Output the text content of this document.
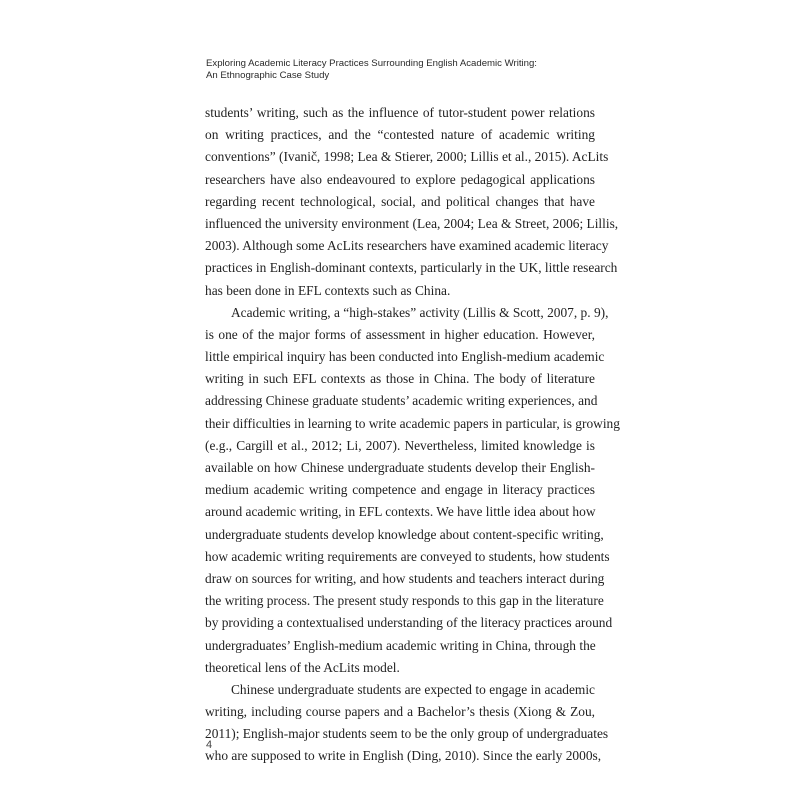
Exploring Academic Literacy Practices Surrounding English Academic Writing:
An Ethnographic Case Study
students’ writing, such as the influence of tutor-student power relations
on writing practices, and the “contested nature of academic writing
conventions” (Ivanič, 1998; Lea & Stierer, 2000; Lillis et al., 2015). AcLits
researchers have also endeavoured to explore pedagogical applications
regarding recent technological, social, and political changes that have
influenced the university environment (Lea, 2004; Lea & Street, 2006; Lillis,
2003). Although some AcLits researchers have examined academic literacy
practices in English-dominant contexts, particularly in the UK, little research
has been done in EFL contexts such as China.
Academic writing, a “high-stakes” activity (Lillis & Scott, 2007, p. 9),
is one of the major forms of assessment in higher education. However,
little empirical inquiry has been conducted into English-medium academic
writing in such EFL contexts as those in China. The body of literature
addressing Chinese graduate students’ academic writing experiences, and
their difficulties in learning to write academic papers in particular, is growing
(e.g., Cargill et al., 2012; Li, 2007). Nevertheless, limited knowledge is
available on how Chinese undergraduate students develop their English-
medium academic writing competence and engage in literacy practices
around academic writing, in EFL contexts. We have little idea about how
undergraduate students develop knowledge about content-specific writing,
how academic writing requirements are conveyed to students, how students
draw on sources for writing, and how students and teachers interact during
the writing process. The present study responds to this gap in the literature
by providing a contextualised understanding of the literacy practices around
undergraduates’ English-medium academic writing in China, through the
theoretical lens of the AcLits model.
Chinese undergraduate students are expected to engage in academic
writing, including course papers and a Bachelor’s thesis (Xiong & Zou,
2011); English-major students seem to be the only group of undergraduates
who are supposed to write in English (Ding, 2010). Since the early 2000s,
4
